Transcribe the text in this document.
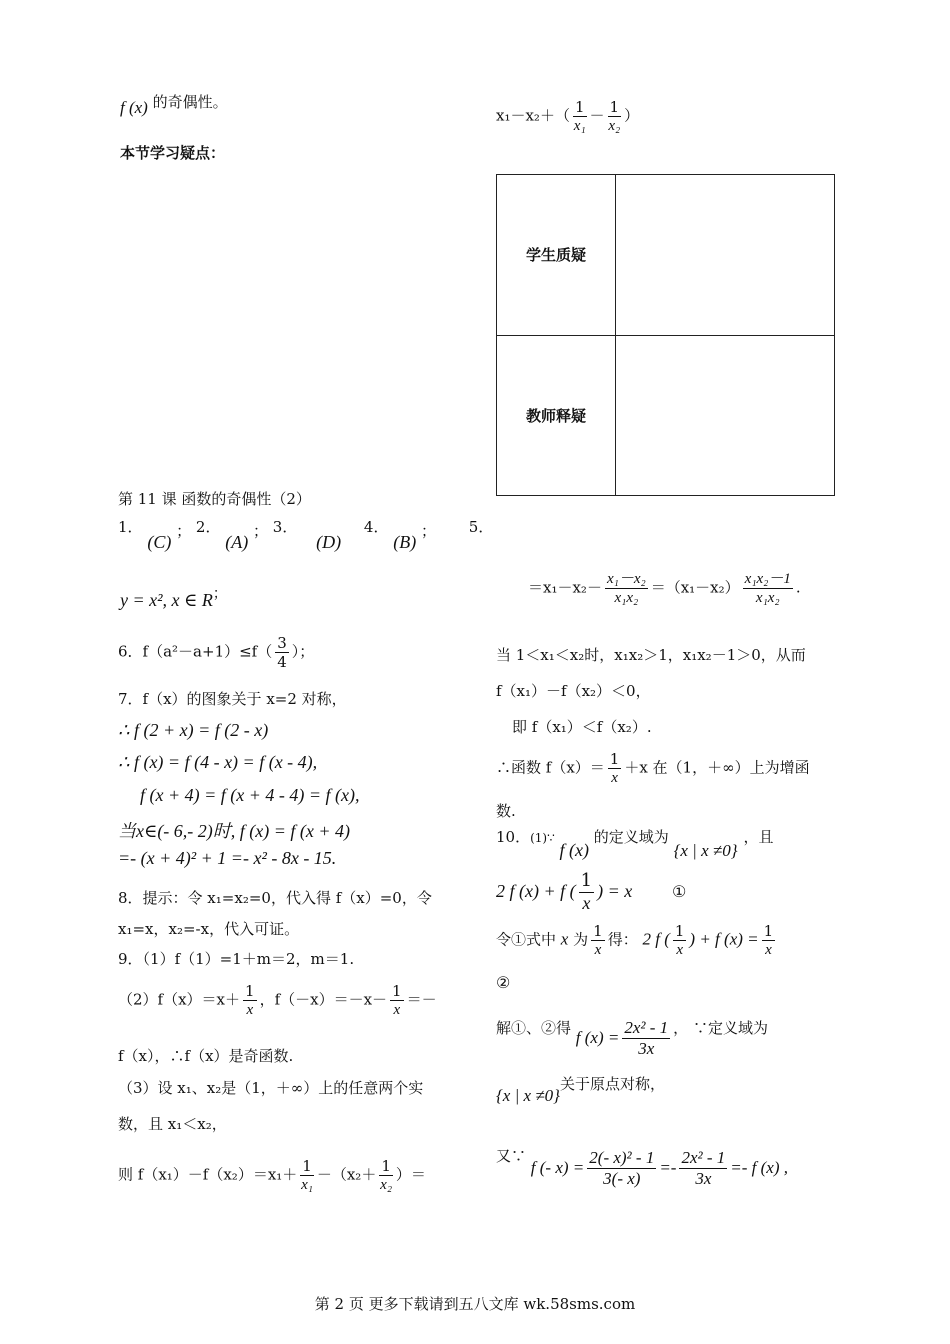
f (x) 的奇偶性。
本节学习疑点：
第 11 课 函数的奇偶性（2）
1． (C) ； 2． (A) ； 3． (D) 4． (B) ； 5．
y = x², x ∈ R；
6．$f(a^2-a+1)\le f( \frac{3}{4}$ ）；
7．f（x）的图象关于 x=2 对称，
∴ f (2 + x) = f (2 - x)
∴ f (x) = f (4 - x) = f (x - 4),
f (x + 4) = f (x + 4 - 4) = f (x),
当x∈(- 6,- 2)时, f (x) = f (x + 4)
=- (x + 4)² + 1 =- x² - 8x - 15.
8．提示：令 x₁=x₂=0，代入得 f（x）=0，令
x₁=x，x₂=-x，代入可证。
9．（1）f（1）=1＋m＝2，m＝1.
$(2)f(x)=x+ \frac{1}{x}$ ，$f(-x)=-x- \frac{1}{x}$ ＝－
f（x），∴f（x）是奇函数.
（3）设 x₁、x₂是（1，＋∞）上的任意两个实
数，且 x₁＜x₂，
则 $f(x_1)-f(x_2)=x_1+ \frac{1}{\text{x₁}} -(x_2+ \frac{1}{\text{x₂}}$ ）＝
$x_1-x_2+( \frac{1}{\text{x₁}} - \frac{1}{\text{x₂}}$ ）
学生质疑	
教师释疑	
$=x_1-x_2- \frac{\text{x₁－x₂}}{\text{x₁x₂}} =(x_1-x_2) \frac{\text{x₁x₂－1}}{\text{x₁x₂}}$ .
当 1＜x₁＜x₂时，x₁x₂＞1，x₁x₂－1＞0，从而
f（x₁）－f（x₂）＜0，
即 f（x₁）＜f（x₂）.
∴函数 $f(x)= \frac{1}{x} +x$ 在（1，＋∞）上为增函
数.
10．(1)∵ f (x) 的定义域为 {x | x ≠0}，且
2 f (x) + f ( $\frac{1}{x}$ ) = x ①
令①式中 x 为 $\frac{1}{x}$ 得： 2 f ( $\frac{1}{x}$ ) + f $(x) = \frac{1}{x}$
②
解①、②得 f $(x) = \frac{\text{2x² - 1}}{3x}$ ， ∵定义域为
{x | x ≠0}关于原点对称，
又∵ f (- $x) = \frac{\text{2(- x)² - 1}}{3(- x)} =- \frac{\text{2x² - 1}}{3x} =- f$ (x) ,
第 2 页 更多下载请到五八文库 wk.58sms.com
